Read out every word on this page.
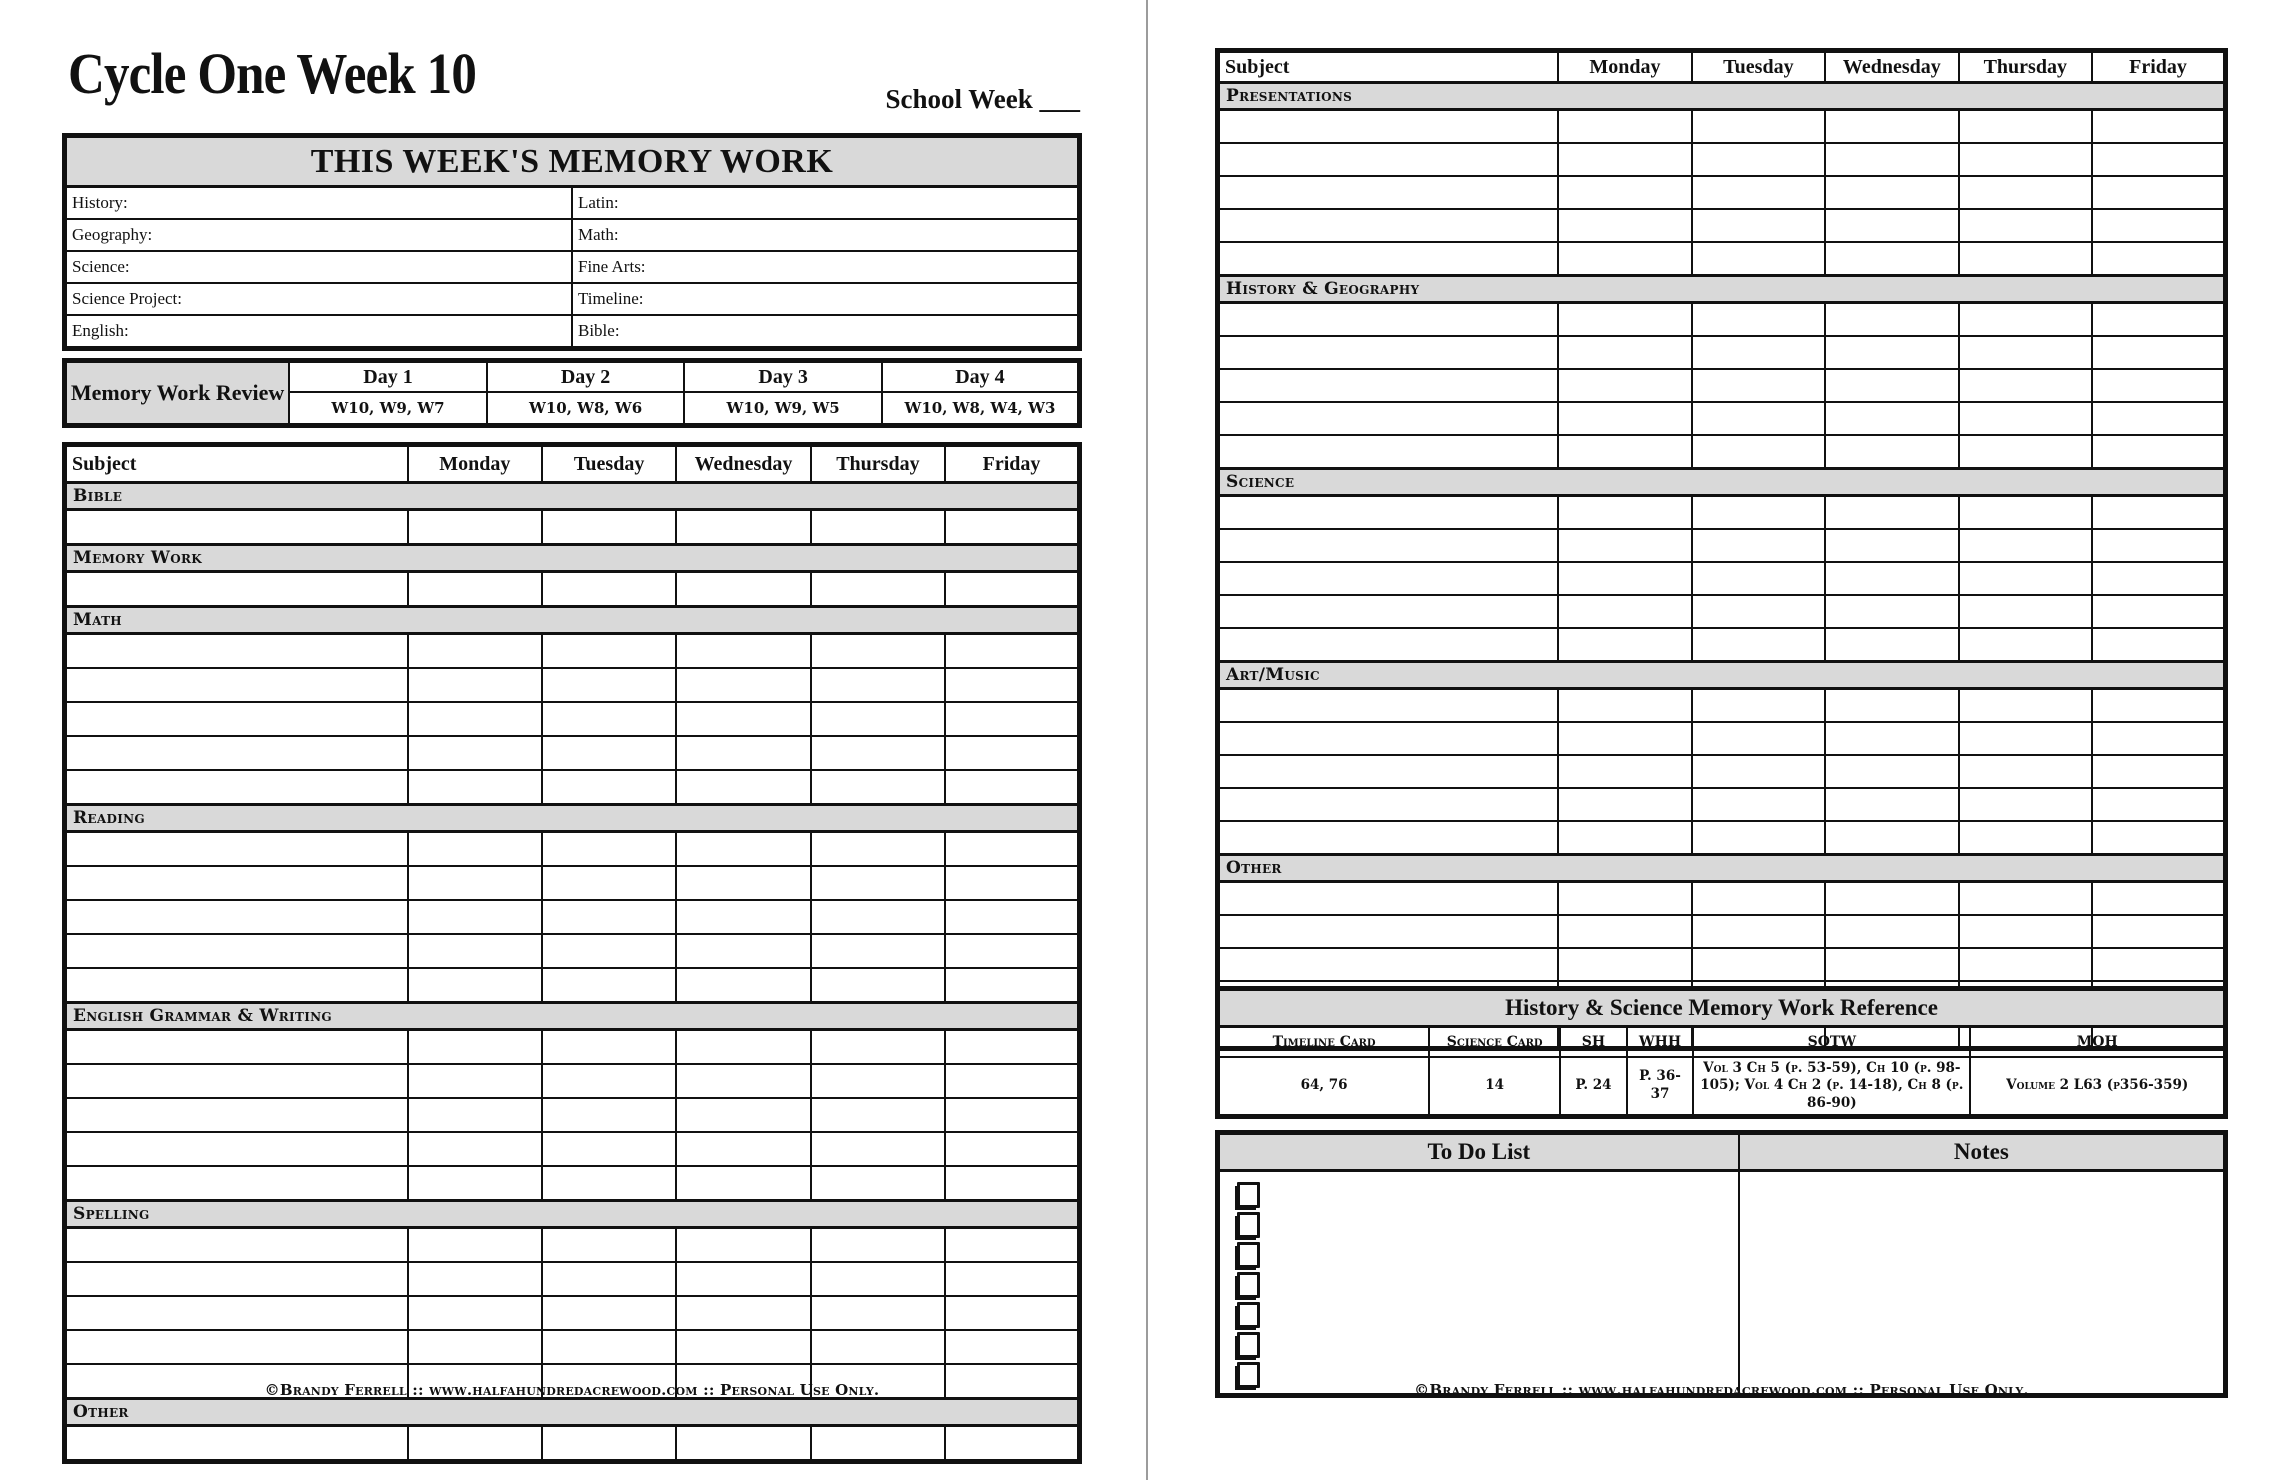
Cycle One Week 10	School Week ___
THIS WEEK'S MEMORY WORK	
History:	Latin:
Geography:	Math:
Science:	Fine Arts:
Science Project:	Timeline:
English:	Bible:
Memory Work Review	Day 1	Day 2	Day 3	Day 4
	W10, W9, W7	W10, W8, W6	W10, W9, W5	W10, W8, W4, W3
Subject	Monday	Tuesday	Wednesday	Thursday	Friday
Bible					

Memory Work					

Math					

Reading					

English Grammar & Writing					

Spelling					

Other					

©Brandy Ferrell :: www.halfahundredacrewood.com :: Personal Use Only.
Subject	Monday	Tuesday	Wednesday	Thursday	Friday
Presentations					

History & Geography					

Science					

Art/Music					

Other					

History & Science Memory Work Reference					
Timeline Card	Science Card	SH	WHH	SOTW	MOH
64, 76	14	P. 24	P. 36-37	Vol 3 Ch 5 (p. 53-59), Ch 10 (p. 98-105); Vol 4 Ch 2 (p. 14-18), Ch 8 (p. 86-90)	Volume 2 L63 (p356-359)
To Do List	Notes

©Brandy Ferrell :: www.halfahundredacrewood.com :: Personal Use Only.
